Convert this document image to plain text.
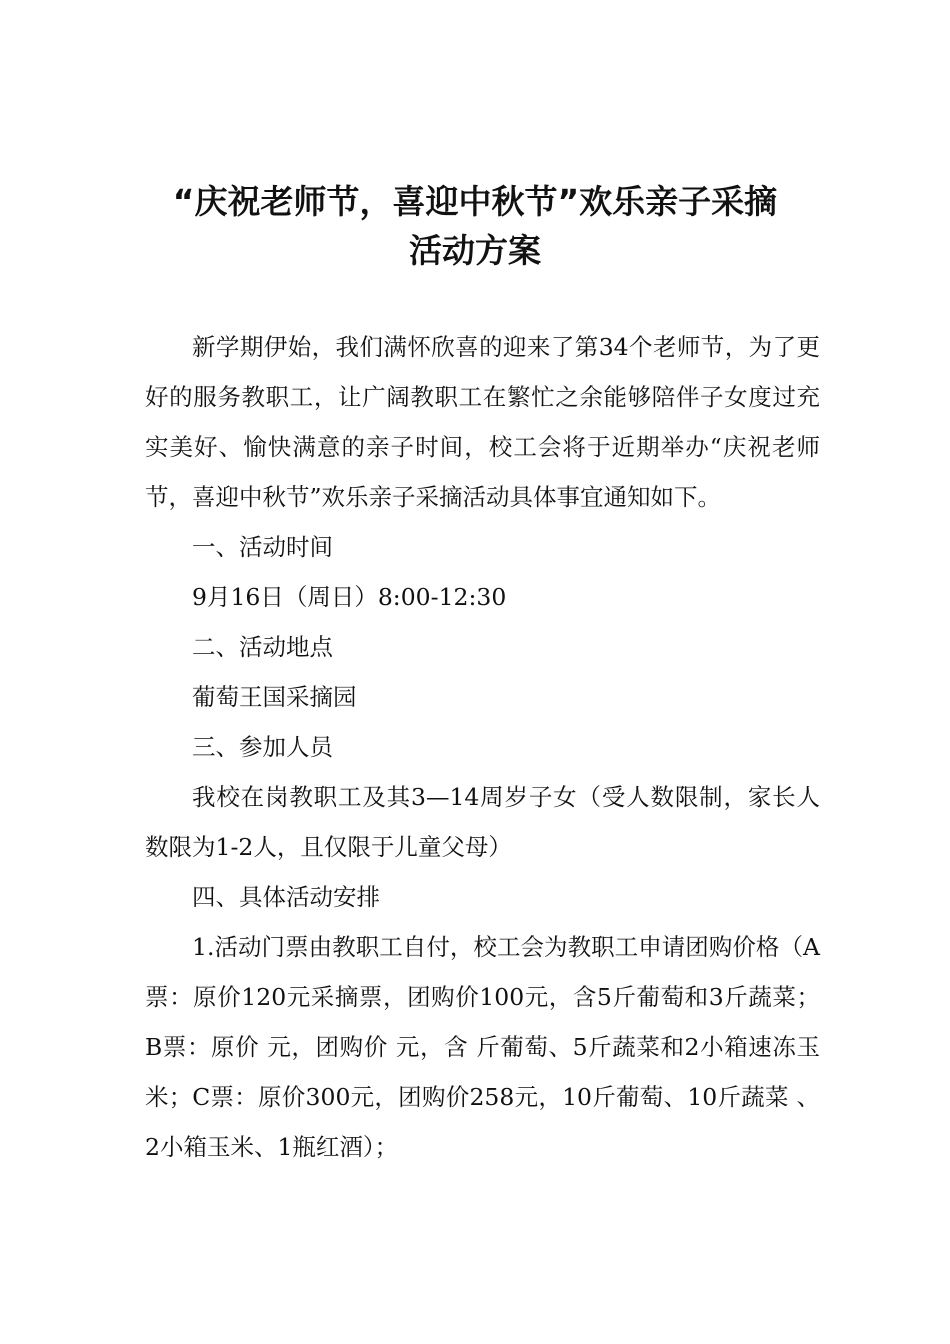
“庆祝老师节，喜迎中秋节”欢乐亲子采摘
活动方案

新学期伊始，我们满怀欣喜的迎来了第34个老师节，为了更好的服务教职工，让广阔教职工在繁忙之余能够陪伴子女度过充实美好、愉快满意的亲子时间，校工会将于近期举办“庆祝老师节，喜迎中秋节”欢乐亲子采摘活动具体事宜通知如下。

一、活动时间

9月16日（周日）8:00-12:30

二、活动地点

葡萄王国采摘园

三、参加人员

我校在岗教职工及其3—14周岁子女（受人数限制，家长人数限为1-2人，且仅限于儿童父母）

四、具体活动安排

1.活动门票由教职工自付，校工会为教职工申请团购价格（A票：原价120元采摘票，团购价100元，含5斤葡萄和3斤蔬菜；B票：原价 元，团购价 元，含 斤葡萄、5斤蔬菜和2小箱速冻玉米；C票：原价300元，团购价258元，10斤葡萄、10斤蔬菜 、2小箱玉米、1瓶红酒）；
